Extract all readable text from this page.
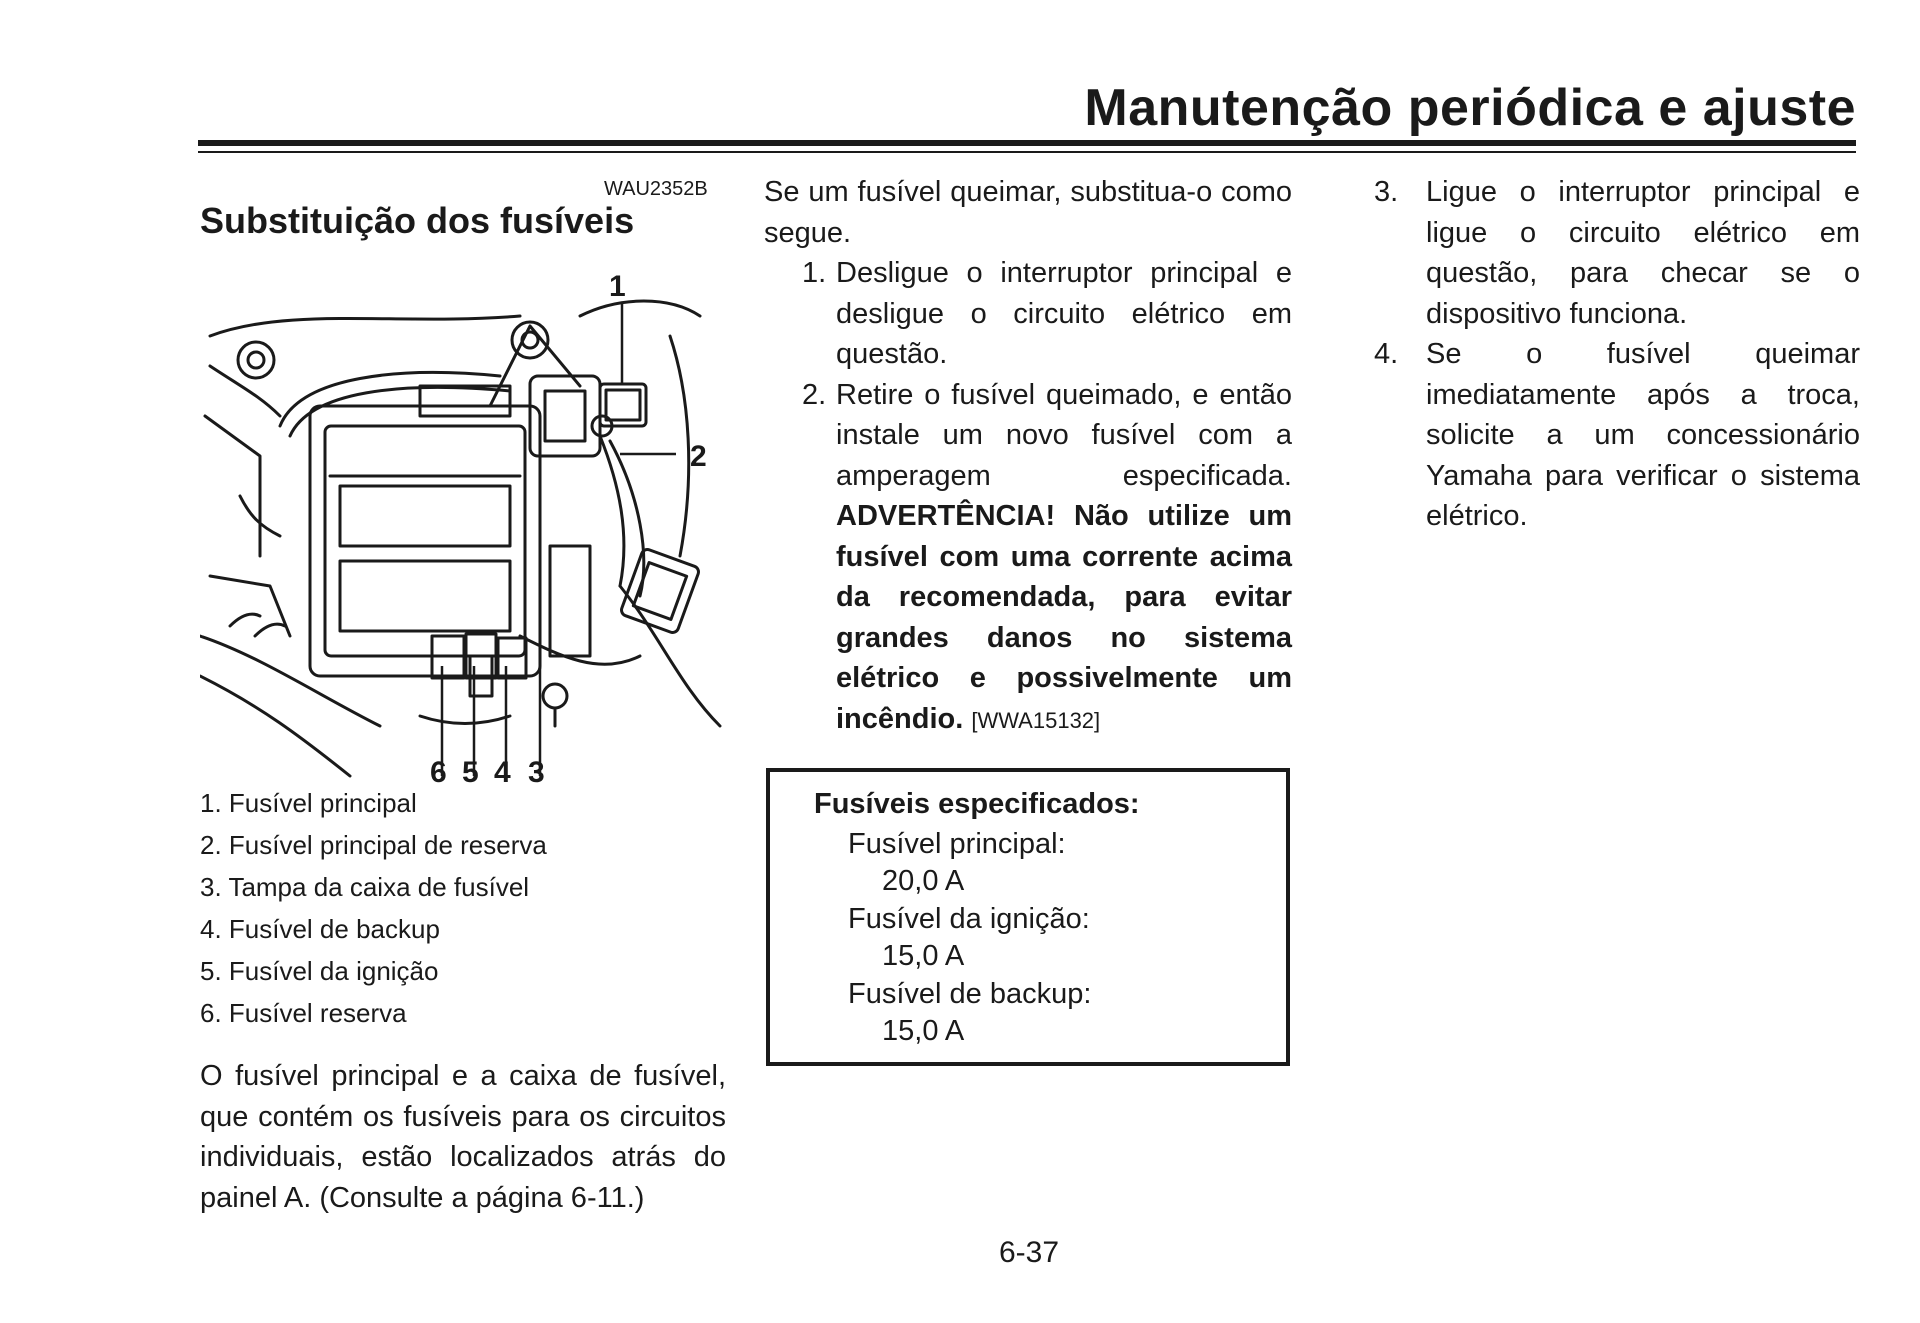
Manutenção periódica e ajuste
WAU2352B
Substituição dos fusíveis
1
2
6 5 4 3
1. Fusível principal
2. Fusível principal de reserva
3. Tampa da caixa de fusível
4. Fusível de backup
5. Fusível da ignição
6. Fusível reserva

O fusível principal e a caixa de fusível, que contém os fusíveis para os circuitos individuais, estão localizados atrás do painel A. (Consulte a página 6-11.)

Se um fusível queimar, substitua-o como segue.

1. Desligue o interruptor principal e desligue o circuito elétrico em questão.
2. Retire o fusível queimado, e então instale um novo fusível com a amperagem especificada. ADVERTÊNCIA! Não utilize um fusível com uma corrente acima da recomendada, para evitar grandes danos no sistema elétrico e possivelmente um incêndio. [WWA15132]
Fusíveis especificados:
Fusível principal:
20,0 A
Fusível da ignição:
15,0 A
Fusível de backup:
15,0 A
3. Ligue o interruptor principal e ligue o circuito elétrico em questão, para checar se o dispositivo funciona.
4. Se o fusível queimar imediatamente após a troca, solicite a um concessionário Yamaha para verificar o sistema elétrico.
6-37
